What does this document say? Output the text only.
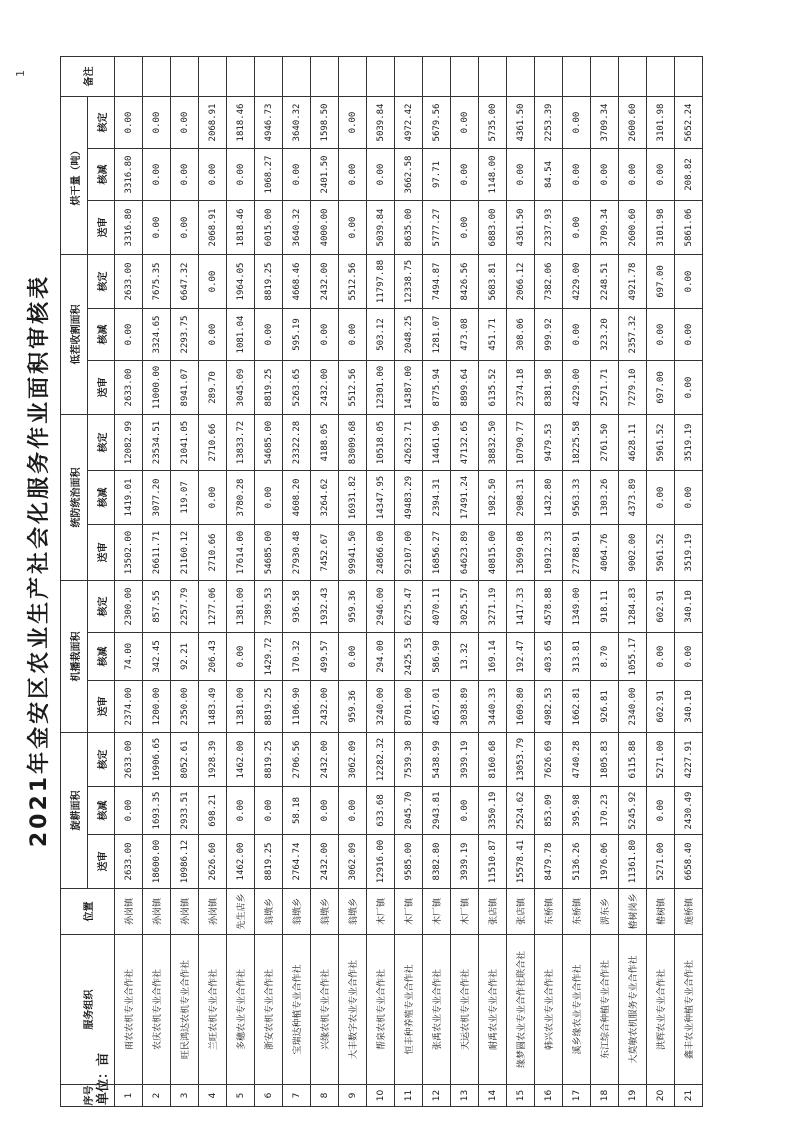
1
2021年金安区农业生产社会化服务作业面积审核表
单位：亩
序号	服务组织	位置	旋耕面积			机播栽面积			统防统治面积			低茬收割面积			烘干量（吨）			备注
			送审	核减	核定	送审	核减	核定	送审	核减	核定	送审	核减	核定	送审	核减	核定	
1	雨农农机专业合作社	孙岗镇	2633.00	0.00	2633.00	2374.00	74.00	2300.00	13502.00	1419.01	12082.99	2633.00	0.00	2633.00	3316.80	3316.80	0.00	
2	农庆农机专业合作社	孙岗镇	18600.00	1693.35	16906.65	1200.00	342.45	857.55	26611.71	3077.20	23534.51	11000.00	3324.65	7675.35	0.00	0.00	0.00	
3	旺民鸿达农机专业合作社	孙岗镇	10986.12	2933.51	8052.61	2350.00	92.21	2257.79	21160.12	119.07	21041.05	8941.07	2293.75	6647.32	0.00	0.00	0.00	
4	兰旺农机专业合作社	孙岗镇	2626.60	698.21	1928.39	1483.49	206.43	1277.06	2710.66	0.00	2710.66	289.70	0.00	0.00	2068.91	0.00	2068.91	
5	多穗农业专业合作社	先生店乡	1462.00	0.00	1462.00	1381.00	0.00	1381.00	17614.00	3780.28	13833.72	3045.09	1081.04	1964.05	1818.46	0.00	1818.46	
6	浙安农机专业合作社	翁墩乡	8819.25	0.00	8819.25	8819.25	1429.72	7389.53	54685.00	0.00	54685.00	8819.25	0.00	8819.25	6015.00	1068.27	4946.73	
7	宝瑞达种植专业合作社	翁墩乡	2764.74	58.18	2706.56	1106.90	170.32	936.58	27930.48	4608.20	23322.28	5263.65	595.19	4668.46	3640.32	0.00	3640.32	
8	兴缘农机专业合作社	翁墩乡	2432.00	0.00	2432.00	2432.00	499.57	1932.43	7452.67	3264.62	4188.05	2432.00	0.00	2432.00	4000.00	2401.50	1598.50	
9	大丰数字农业专业合作社	翁墩乡	3062.09	0.00	3062.09	959.36	0.00	959.36	99941.50	16931.82	83009.68	5512.56	0.00	5512.56	0.00	0.00	0.00	
10	帮泉农机专业合作社	木厂镇	12916.00	633.68	12282.32	3240.00	294.00	2946.00	24866.00	14347.95	10518.05	12301.00	503.12	11797.88	5039.84	0.00	5039.84	
11	恒丰种养殖专业合作社	木厂镇	9585.00	2045.70	7539.30	8701.00	2425.53	6275.47	92107.00	49483.29	42623.71	14387.00	2048.25	12338.75	8635.00	3662.58	4972.42	
12	张禹农业专业合作社	木厂镇	8382.80	2943.81	5438.99	4657.01	586.90	4070.11	16856.27	2394.31	14461.96	8775.94	1281.07	7494.87	5777.27	97.71	5679.56	
13	天运农机专业合作社	木厂镇	3939.19	0.00	3939.19	3038.89	13.32	3025.57	64623.89	17491.24	47132.65	8899.64	473.08	8426.56	0.00	0.00	0.00	
14	耐禹农业专业合作社	张店镇	11510.87	3350.19	8160.68	3440.33	169.14	3271.19	40815.00	1982.50	38832.50	6135.52	451.71	5683.81	6883.00	1148.00	5735.00	
15	缘梦圆农业专业合作社联合社	张店镇	15578.41	2524.62	13053.79	1609.80	192.47	1417.33	13699.08	2908.31	10790.77	2374.18	308.06	2066.12	4361.50	0.00	4361.50	
16	韩兴农业专业合作社	东桥镇	8479.78	853.09	7626.69	4982.53	403.65	4578.88	10912.33	1432.80	9479.53	8381.98	999.92	7382.06	2337.93	84.54	2253.39	
17	溪乡缘农业专业合作社	东桥镇	5136.26	395.98	4740.28	1662.81	313.81	1349.00	27788.91	9563.33	18225.58	4229.00	0.00	4229.00	0.00	0.00	0.00	
18	东江综合种植专业合作社	淠东乡	1976.06	170.23	1805.83	926.81	8.70	918.11	4064.76	1303.26	2761.50	2571.71	323.20	2248.51	3709.34	0.00	3709.34	
19	大莫敏农机服务专业合作社	椿树岗乡	11361.80	5245.92	6115.88	2340.00	1055.17	1284.83	9002.00	4373.89	4628.11	7279.10	2357.32	4921.78	2600.60	0.00	2600.60	
20	洪辉农业专业合作社	椿树镇	5271.00	0.00	5271.00	602.91	0.00	602.91	5961.52	0.00	5961.52	697.00	0.00	697.00	3101.98	0.00	3101.98	
21	鑫丰农业种植专业合作社	施桥镇	6658.40	2430.49	4227.91	340.10	0.00	340.10	3519.19	0.00	3519.19	0.00	0.00	0.00	5861.06	208.82	5652.24	
